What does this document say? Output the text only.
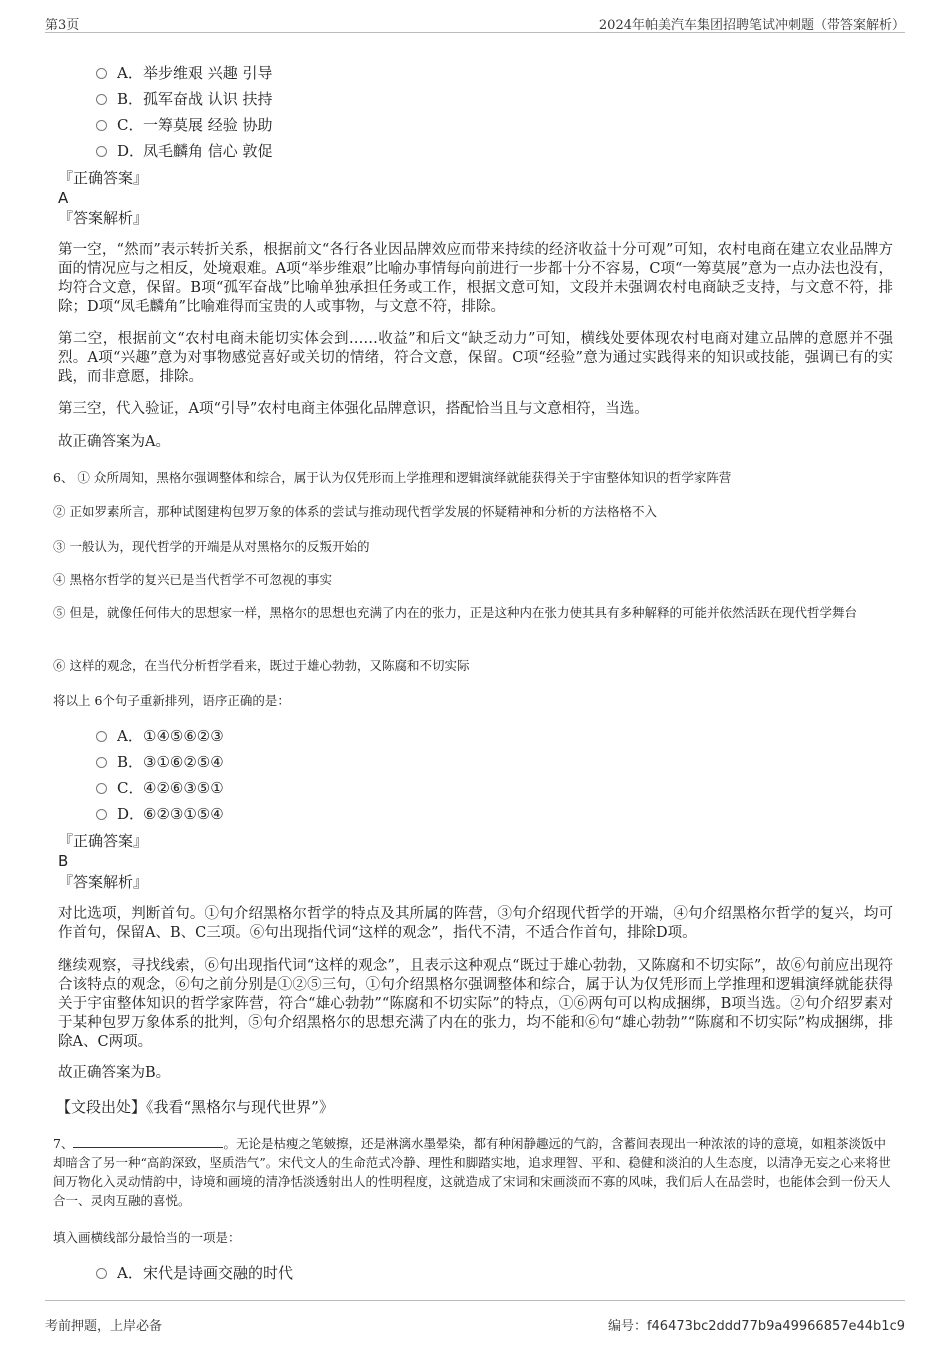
第3页	2024年帕美汽车集团招聘笔试冲刺题（带答案解析）
A．举步维艰 兴趣 引导
B．孤军奋战 认识 扶持
C．一筹莫展 经验 协助
D．凤毛麟角 信心 敦促
『正确答案』
A
『答案解析』
第一空，“然而”表示转折关系，根据前文“各行各业因品牌效应而带来持续的经济收益十分可观”可知，农村电商在建立农业品牌方面的情况应与之相反，处境艰难。A项“举步维艰”比喻办事情每向前进行一步都十分不容易，C项“一筹莫展”意为一点办法也没有，均符合文意，保留。B项“孤军奋战”比喻单独承担任务或工作，根据文意可知，文段并未强调农村电商缺乏支持，与文意不符，排除；D项“凤毛麟角”比喻难得而宝贵的人或事物，与文意不符，排除。
第二空，根据前文“农村电商未能切实体会到……收益”和后文“缺乏动力”可知，横线处要体现农村电商对建立品牌的意愿并不强烈。A项“兴趣”意为对事物感觉喜好或关切的情绪，符合文意，保留。C项“经验”意为通过实践得来的知识或技能，强调已有的实践，而非意愿，排除。
第三空，代入验证，A项“引导”农村电商主体强化品牌意识，搭配恰当且与文意相符，当选。
故正确答案为A。
6、 ① 众所周知，黑格尔强调整体和综合，属于认为仅凭形而上学推理和逻辑演绎就能获得关于宇宙整体知识的哲学家阵营
② 正如罗素所言，那种试图建构包罗万象的体系的尝试与推动现代哲学发展的怀疑精神和分析的方法格格不入
③ 一般认为，现代哲学的开端是从对黑格尔的反叛开始的
④ 黑格尔哲学的复兴已是当代哲学不可忽视的事实
⑤ 但是，就像任何伟大的思想家一样，黑格尔的思想也充满了内在的张力，正是这种内在张力使其具有多种解释的可能并依然活跃在现代哲学舞台
⑥ 这样的观念，在当代分析哲学看来，既过于雄心勃勃，又陈腐和不切实际
将以上 6个句子重新排列，语序正确的是：
A．①④⑤⑥②③
B．③①⑥②⑤④
C．④②⑥③⑤①
D．⑥②③①⑤④
『正确答案』
B
『答案解析』
对比选项，判断首句。①句介绍黑格尔哲学的特点及其所属的阵营，③句介绍现代哲学的开端，④句介绍黑格尔哲学的复兴，均可作首句，保留A、B、C三项。⑥句出现指代词“这样的观念”，指代不清，不适合作首句，排除D项。
继续观察，寻找线索，⑥句出现指代词“这样的观念”，且表示这种观点“既过于雄心勃勃，又陈腐和不切实际”，故⑥句前应出现符合该特点的观念，⑥句之前分别是①②⑤三句，①句介绍黑格尔强调整体和综合，属于认为仅凭形而上学推理和逻辑演绎就能获得关于宇宙整体知识的哲学家阵营，符合“雄心勃勃”“陈腐和不切实际”的特点，①⑥两句可以构成捆绑，B项当选。②句介绍罗素对于某种包罗万象体系的批判，⑤句介绍黑格尔的思想充满了内在的张力，均不能和⑥句“雄心勃勃”“陈腐和不切实际”构成捆绑，排除A、C两项。
故正确答案为B。
【文段出处】《我看“黑格尔与现代世界”》
7、	。无论是枯瘦之笔皴擦，还是淋漓水墨晕染，都有种闲静趣远的气韵，含蓄间表现出一种浓浓的诗的意境，如粗茶淡饭中却暗含了另一种“高韵深致，坚质浩气”。宋代文人的生命范式冷静、理性和脚踏实地，追求理智、平和、稳健和淡泊的人生态度，以清净无妄之心来将世间万物化入灵动情韵中，诗境和画境的清净恬淡透射出人的性明程度，这就造成了宋词和宋画淡而不寡的风味，我们后人在品尝时，也能体会到一份天人合一、灵肉互融的喜悦。
填入画横线部分最恰当的一项是：
A．宋代是诗画交融的时代
考前押题，上岸必备	编号：f46473bc2ddd77b9a49966857e44b1c9
